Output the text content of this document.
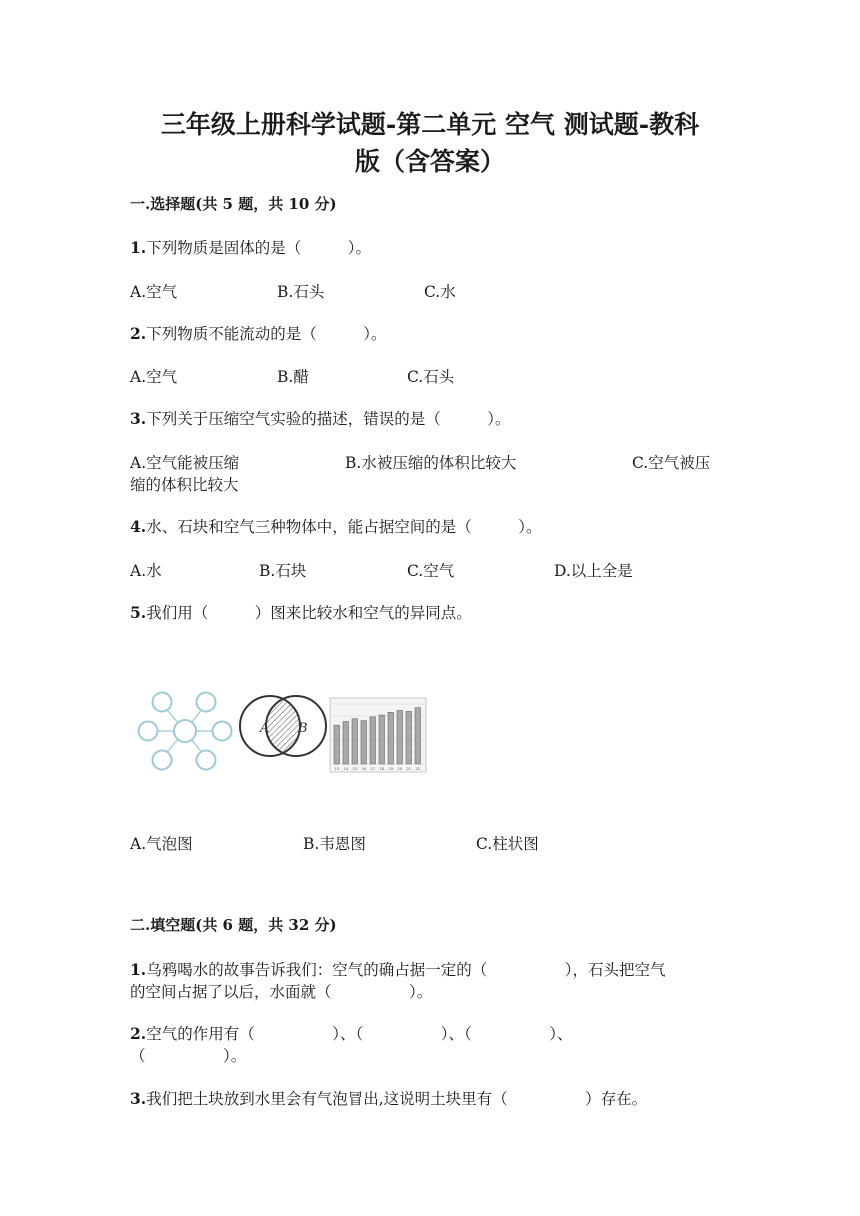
三年级上册科学试题-第二单元 空气 测试题-教科
版（含答案）
一.选择题(共 5 题，共 10 分)
1.下列物质是固体的是（　　　）。
A.空气	B.石头	C.水
2.下列物质不能流动的是（　　　）。
A.空气	B.醋	C.石头
3.下列关于压缩空气实验的描述，错误的是（　　　）。
A.空气能被压缩	B.水被压缩的体积比较大	C.空气被压
缩的体积比较大
4.水、石块和空气三种物体中，能占据空间的是（　　　）。
A.水	B.石块	C.空气	D.以上全是
5.我们用（　　　）图来比较水和空气的异同点。
A B
13 14 15 16 17 18 19 20 21 22
A.气泡图	B.韦恩图	C.柱状图
二.填空题(共 6 题，共 32 分)
1.乌鸦喝水的故事告诉我们：空气的确占据一定的（　　　　　），石头把空气
的空间占据了以后，水面就（　　　　　）。
2.空气的作用有（　　　　　）、（　　　　　）、（　　　　　）、
（　　　　　）。
3.我们把土块放到水里会有气泡冒出,这说明土块里有（　　　　　）存在。
